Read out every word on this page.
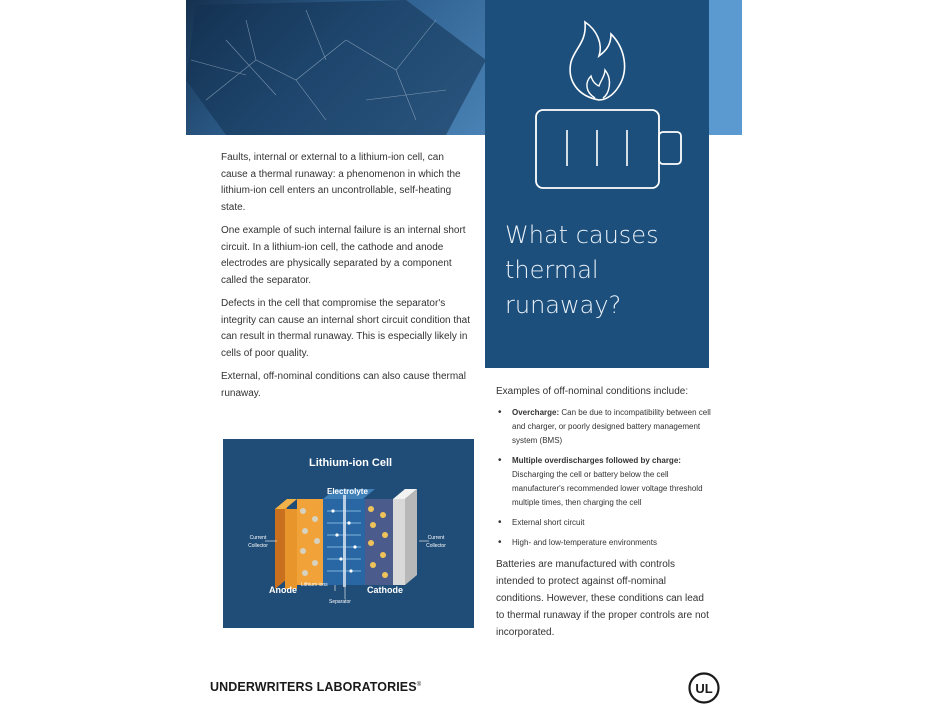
What causes thermal runaway?

Faults, internal or external to a lithium-ion cell, can cause a thermal runaway: a phenomenon in which the lithium-ion cell enters an uncontrollable, self-heating state.

One example of such internal failure is an internal short circuit. In a lithium-ion cell, the cathode and anode electrodes are physically separated by a component called the separator.

Defects in the cell that compromise the separator's integrity can cause an internal short circuit condition that can result in thermal runaway. This is especially likely in cells of poor quality.

External, off-nominal conditions can also cause thermal runaway.	Examples of off-nominal conditions include:

• Overcharge: Can be due to incompatibility between cell and charger, or poorly designed battery management system (BMS)
• Multiple overdischarges followed by charge: Discharging the cell or battery below the cell manufacturer's recommended lower voltage threshold multiple times, then charging the cell
• External short circuit
• High- and low-temperature environments

Batteries are manufactured with controls intended to protect against off-nominal conditions. However, these conditions can lead to thermal runaway if the proper controls are not incorporated.

Lithium-ion Cell
Electrolyte
Current Collector
Current Collector
Anode	Cathode
Lithium ions
Separator
UNDERWRITERS LABORATORIES®	UL
